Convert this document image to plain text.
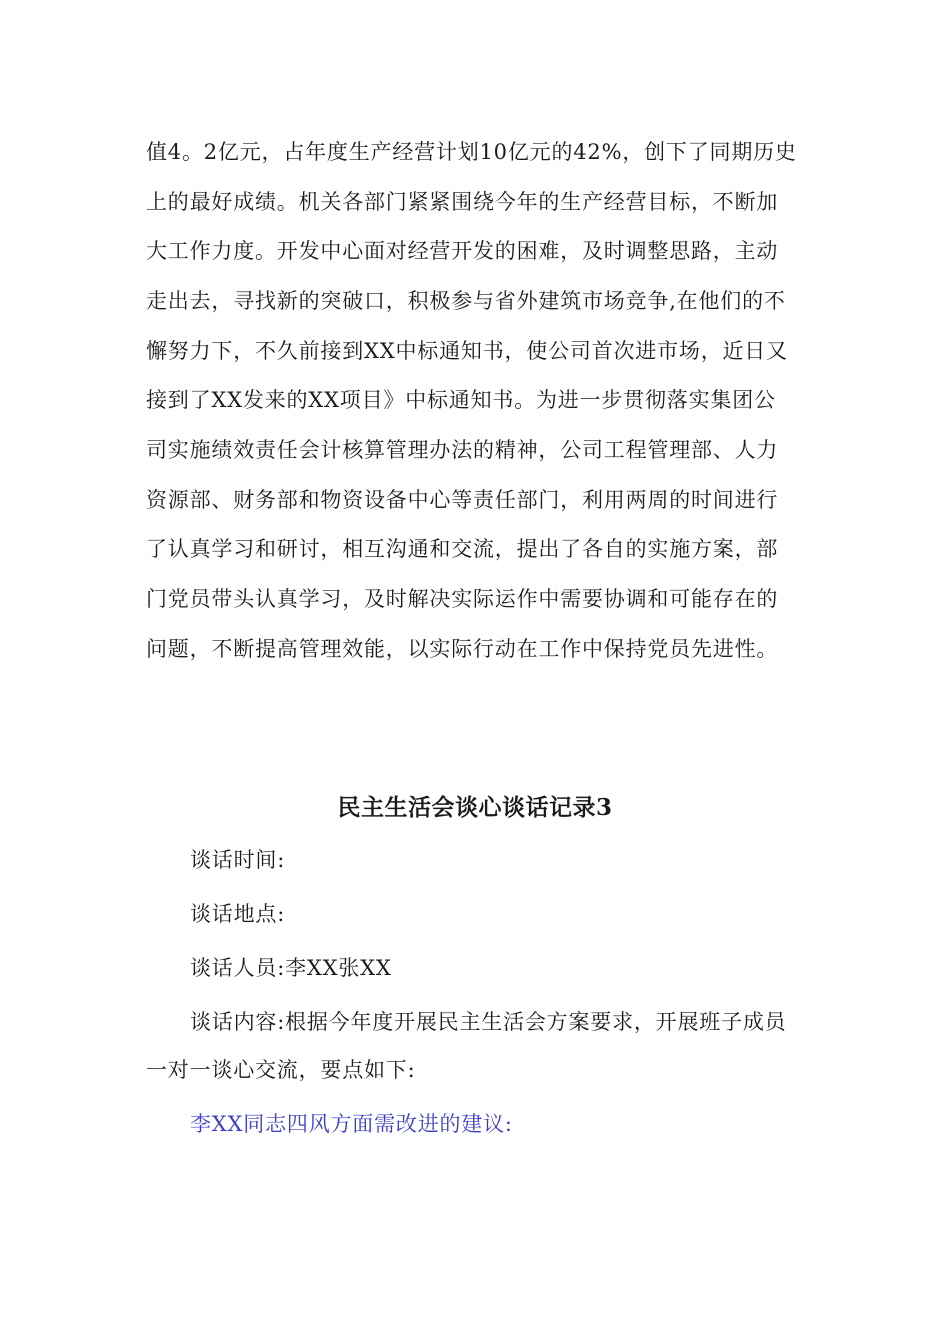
值4。2亿元，占年度生产经营计划10亿元的42%，创下了同期历史
上的最好成绩。机关各部门紧紧围绕今年的生产经营目标，不断加
大工作力度。开发中心面对经营开发的困难，及时调整思路，主动
走出去，寻找新的突破口，积极参与省外建筑市场竞争,在他们的不
懈努力下，不久前接到XX中标通知书，使公司首次进市场，近日又
接到了XX发来的XX项目》中标通知书。为进一步贯彻落实集团公
司实施绩效责任会计核算管理办法的精神，公司工程管理部、人力
资源部、财务部和物资设备中心等责任部门，利用两周的时间进行
了认真学习和研讨，相互沟通和交流，提出了各自的实施方案，部
门党员带头认真学习，及时解决实际运作中需要协调和可能存在的
问题，不断提高管理效能，以实际行动在工作中保持党员先进性。
民主生活会谈心谈话记录3
谈话时间:
谈话地点:
谈话人员:李XX张XX
谈话内容:根据今年度开展民主生活会方案要求，开展班子成员
一对一谈心交流，要点如下:
李XX同志四风方面需改进的建议:
